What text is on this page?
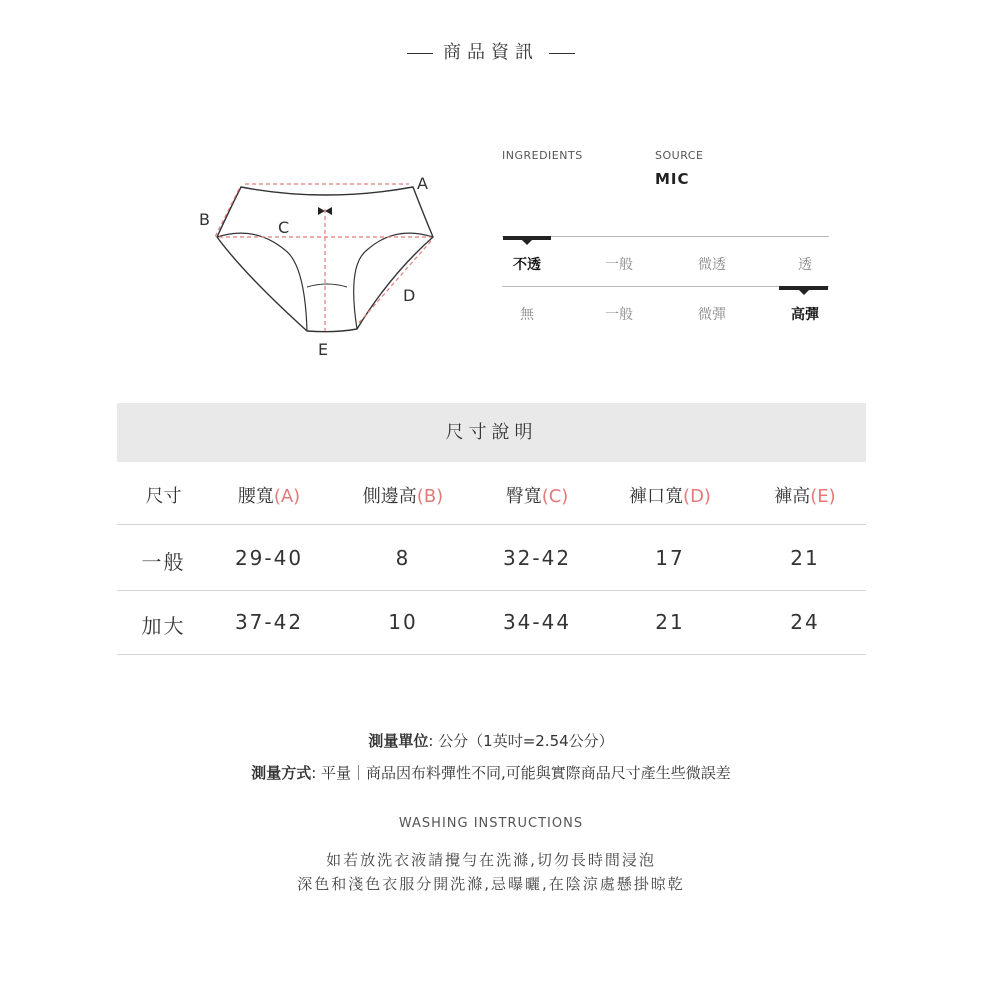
商品資訊
A
B	C
D
E
INGREDIENTS	SOURCE
MIC
不透	一般	微透	透
無	一般	微彈	高彈
尺寸說明
尺寸	腰寬(A)	側邊高(B)	臀寬(C)	褲口寬(D)	褲高(E)
一般	29-40	8	32-42	17	21
加大	37-42	10	34-44	21	24
測量單位: 公分（1英吋=2.54公分）
測量方式: 平量｜商品因布料彈性不同,可能與實際商品尺寸產生些微誤差
WASHING INSTRUCTIONS
如若放洗衣液請攪勻在洗滌,切勿長時間浸泡
深色和淺色衣服分開洗滌,忌曝曬,在陰涼處懸掛晾乾
